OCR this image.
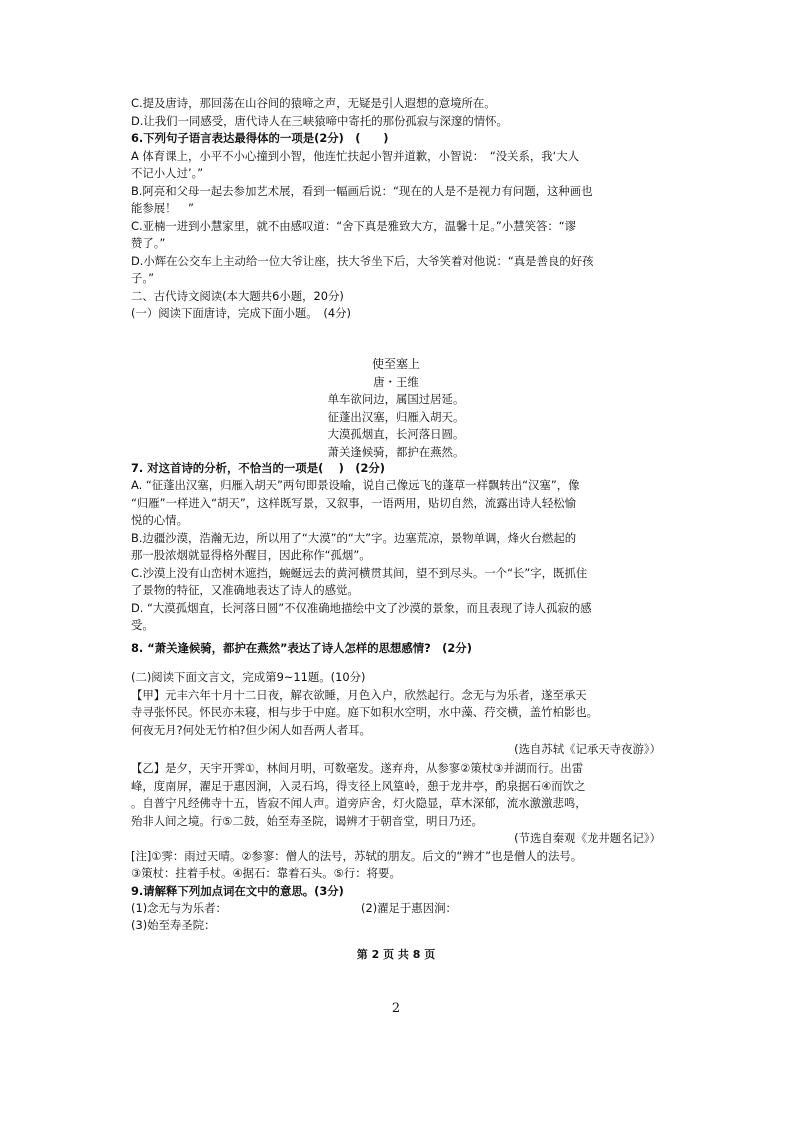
C.提及唐诗，那回荡在山谷间的猿啼之声，无疑是引人遐想的意境所在。
D.让我们一同感受，唐代诗人在三峡猿啼中寄托的那份孤寂与深邃的情怀。
6.下列句子语言表达最得体的一项是(2分)　(　　)
A 体育课上，小平不小心撞到小智，他连忙扶起小智并道歉，小智说：　“没关系，我‘大人
不记小人过’。”
B.阿亮和父母一起去参加艺术展，看到一幅画后说：“现在的人是不是视力有问题，这种画也
能参展！　”
C.亚楠一进到小慧家里，就不由感叹道：“舍下真是雅致大方，温馨十足。”小慧笑答：“谬
赞了。”
D.小辉在公交车上主动给一位大爷让座，扶大爷坐下后，大爷笑着对他说：“真是善良的好孩
子。”
二、古代诗文阅读(本大题共6小题，20分)
(一）阅读下面唐诗，完成下面小题。　(4分)
使至塞上
唐・王维
单车欲问边，属国过居延。
征蓬出汉塞，归雁入胡天。
大漠孤烟直，长河落日圆。
萧关逢候骑，都护在燕然。
7. 对这首诗的分析，不恰当的一项是(　 )　(2分)
A. “征蓬出汉塞，归雁入胡天”两句即景设喻，说自己像远飞的蓬草一样飘转出“汉塞”，像
“归雁”一样进入“胡天”，这样既写景，又叙事，一语两用，贴切自然，流露出诗人轻松愉
悦的心情。
B.边疆沙漠，浩瀚无边，所以用了“大漠”的“大”字。边塞荒凉，景物单调，烽火台燃起的
那一股浓烟就显得格外醒目，因此称作“孤烟”。
C.沙漠上没有山峦树木遮挡，蜿蜒远去的黄河横贯其间，望不到尽头。一个“长”字，既抓住
了景物的特征，又准确地表达了诗人的感觉。
D. “大漠孤烟直，长河落日圆”不仅准确地描绘中文了沙漠的景象，而且表现了诗人孤寂的感
受。
8. “萧关逢候骑，都护在燕然”表达了诗人怎样的思想感情?　(2分)
(二)阅读下面文言文，完成第9~11题。(10分)
【甲】元丰六年十月十二日夜，解衣欲睡，月色入户，欣然起行。念无与为乐者，遂至承天
寺寻张怀民。怀民亦未寝，相与步于中庭。庭下如积水空明，水中藻、荇交横，盖竹柏影也。
何夜无月?何处无竹柏?但少闲人如吾两人者耳。
(选自苏轼《记承天寺夜游》）
【乙】是夕，天宇开霁①，林间月明，可数毫发。遂弃舟，从参寥②策杖③并湖而行。出雷
峰，度南屏，濯足于惠因涧，入灵石坞，得支径上风篁岭，憩于龙井亭，酌泉据石④而饮之
。自普宁凡经佛寺十五，皆寂不闻人声。道旁庐舍，灯火隐显，草木深郁，流水激激悲鸣，
殆非人间之境。行⑤二鼓，始至寿圣院，谒辨才于朝音堂，明日乃还。
(节选自秦观《龙井题名记》）
[注]①霁：雨过天晴。②参寥：僧人的法号，苏轼的朋友。后文的“辨才”也是僧人的法号。
③策杖：拄着手杖。④据石：靠着石头。⑤行：将要。
9.请解释下列加点词在文中的意思。(3分)
(1)念无与为乐者：	(2)濯足于惠因涧：
(3)始至寿圣院：
第 2 页 共 8 页
2
